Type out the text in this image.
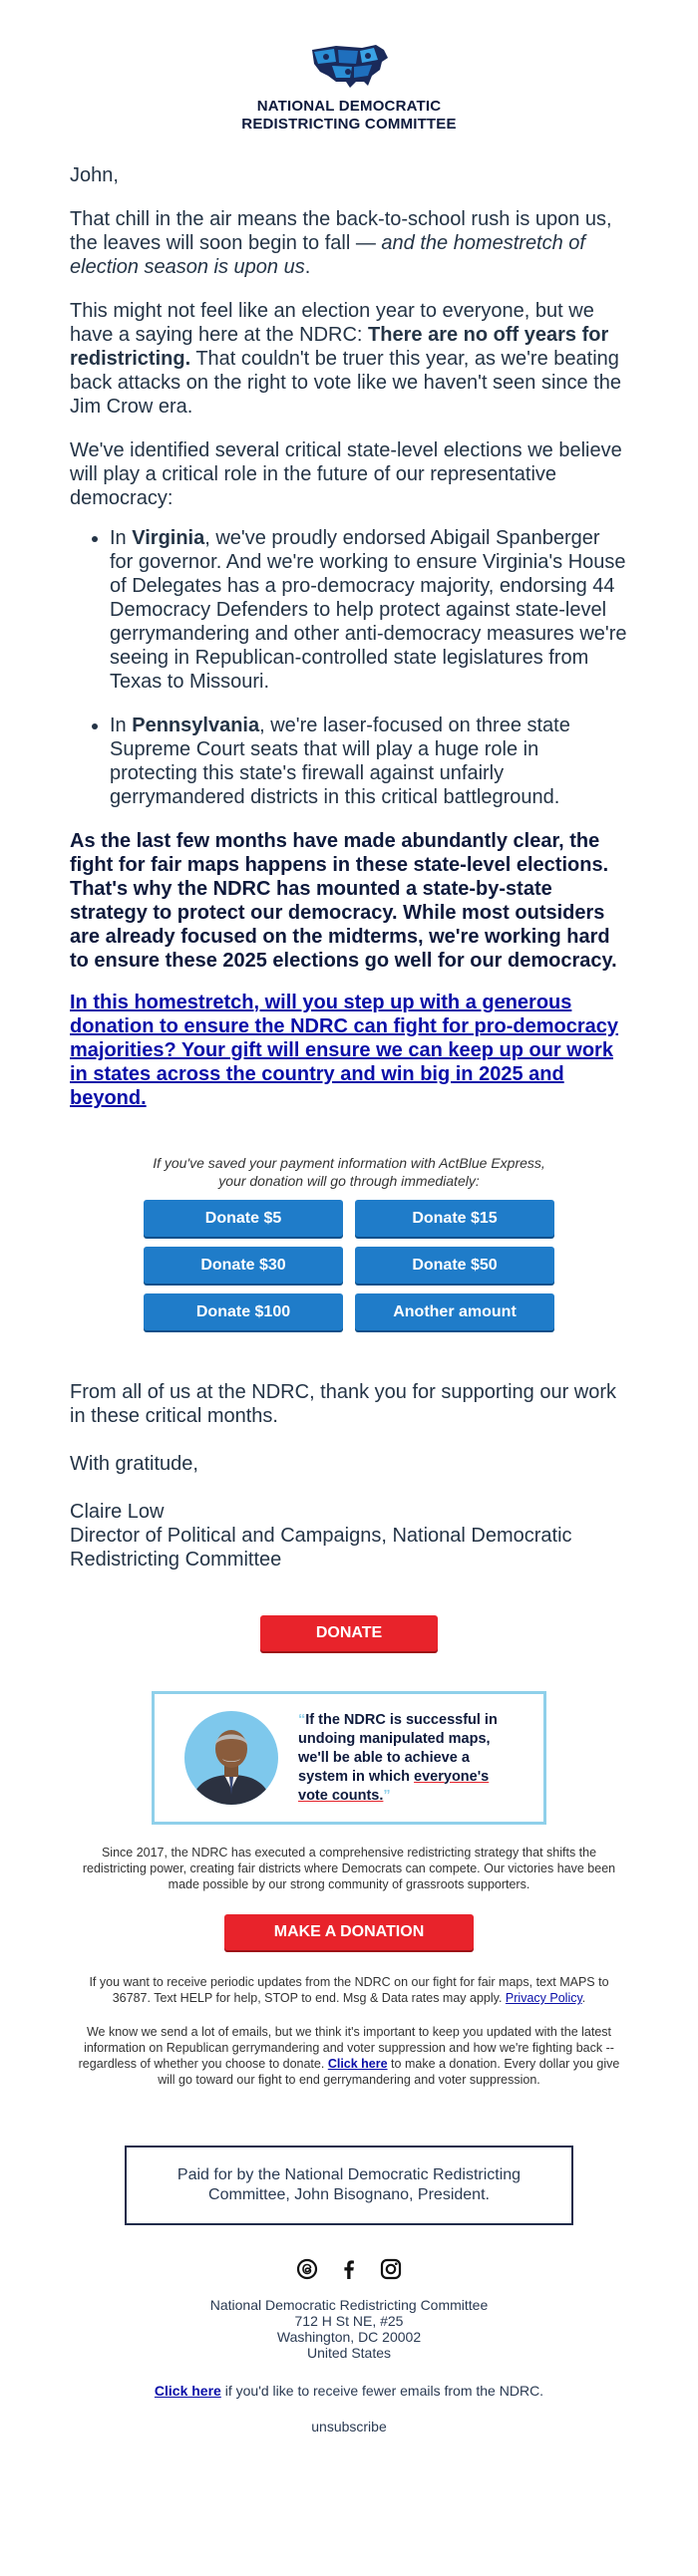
NATIONAL DEMOCRATIC
REDISTRICTING COMMITTEE

John,

That chill in the air means the back-to-school rush is upon us, the leaves will soon begin to fall — and the homestretch of election season is upon us.

This might not feel like an election year to everyone, but we have a saying here at the NDRC: There are no off years for redistricting. That couldn't be truer this year, as we're beating back attacks on the right to vote like we haven't seen since the Jim Crow era.

We've identified several critical state-level elections we believe will play a critical role in the future of our representative democracy:

• In Virginia, we've proudly endorsed Abigail Spanberger for governor. And we're working to ensure Virginia's House of Delegates has a pro-democracy majority, endorsing 44 Democracy Defenders to help protect against state-level gerrymandering and other anti-democracy measures we're seeing in Republican-controlled state legislatures from Texas to Missouri.
• In Pennsylvania, we're laser-focused on three state Supreme Court seats that will play a huge role in protecting this state's firewall against unfairly gerrymandered districts in this critical battleground.

As the last few months have made abundantly clear, the fight for fair maps happens in these state-level elections. That's why the NDRC has mounted a state-by-state strategy to protect our democracy. While most outsiders are already focused on the midterms, we're working hard to ensure these 2025 elections go well for our democracy.

In this homestretch, will you step up with a generous donation to ensure the NDRC can fight for pro-democracy majorities? Your gift will ensure we can keep up our work in states across the country and win big in 2025 and beyond.
If you've saved your payment information with ActBlue Express, your donation will go through immediately:
Donate $5	Donate $15
Donate $30	Donate $50
Donate $100	Another amount

From all of us at the NDRC, thank you for supporting our work in these critical months.

With gratitude,

Claire Low
Director of Political and Campaigns, National Democratic Redistricting Committee

DONATE
“If the NDRC is successful in undoing manipulated maps, we'll be able to achieve a system in which everyone's vote counts.”
Since 2017, the NDRC has executed a comprehensive redistricting strategy that shifts the redistricting power, creating fair districts where Democrats can compete. Our victories have been made possible by our strong community of grassroots supporters.
MAKE A DONATION
If you want to receive periodic updates from the NDRC on our fight for fair maps, text MAPS to 36787. Text HELP for help, STOP to end. Msg & Data rates may apply. Privacy Policy.
We know we send a lot of emails, but we think it's important to keep you updated with the latest information on Republican gerrymandering and voter suppression and how we're fighting back -- regardless of whether you choose to donate. Click here to make a donation. Every dollar you give will go toward our fight to end gerrymandering and voter suppression.
Paid for by the National Democratic Redistricting Committee, John Bisognano, President.

National Democratic Redistricting Committee
712 H St NE, #25
Washington, DC 20002
United States
Click here if you'd like to receive fewer emails from the NDRC.
unsubscribe
